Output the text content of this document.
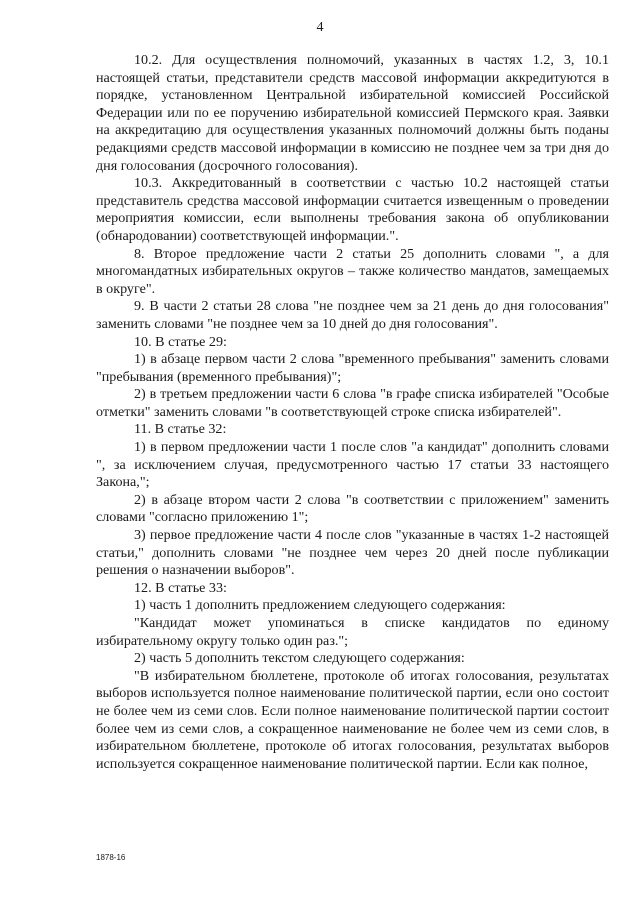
4

10.2. Для осуществления полномочий, указанных в частях 1.2, 3, 10.1 настоящей статьи, представители средств массовой информации аккредитуются в порядке, установленном Центральной избирательной комиссией Российской Федерации или по ее поручению избирательной комиссией Пермского края. Заявки на аккредитацию для осуществления указанных полномочий должны быть поданы редакциями средств массовой информации в комиссию не позднее чем за три дня до дня голосования (досрочного голосования).

10.3. Аккредитованный в соответствии с частью 10.2 настоящей статьи представитель средства массовой информации считается извещенным о проведении мероприятия комиссии, если выполнены требования закона об опубликовании (обнародовании) соответствующей информации.".

8. Второе предложение части 2 статьи 25 дополнить словами ", а для многомандатных избирательных округов – также количество мандатов, замещаемых в округе".

9. В части 2 статьи 28 слова "не позднее чем за 21 день до дня голосования" заменить словами "не позднее чем за 10 дней до дня голосования".

10. В статье 29:

1) в абзаце первом части 2 слова "временного пребывания" заменить словами "пребывания (временного пребывания)";

2) в третьем предложении части 6 слова "в графе списка избирателей "Особые отметки" заменить словами "в соответствующей строке списка избирателей".

11. В статье 32:

1) в первом предложении части 1 после слов "а кандидат" дополнить словами ", за исключением случая, предусмотренного частью 17 статьи 33 настоящего Закона,";

2) в абзаце втором части 2 слова "в соответствии с приложением" заменить словами "согласно приложению 1";

3) первое предложение части 4 после слов "указанные в частях 1-2 настоящей статьи," дополнить словами "не позднее чем через 20 дней после публикации решения о назначении выборов".

12. В статье 33:

1) часть 1 дополнить предложением следующего содержания:

"Кандидат может упоминаться в списке кандидатов по единому избирательному округу только один раз.";

2) часть 5 дополнить текстом следующего содержания:

"В избирательном бюллетене, протоколе об итогах голосования, результатах выборов используется полное наименование политической партии, если оно состоит не более чем из семи слов. Если полное наименование политической партии состоит более чем из семи слов, а сокращенное наименование не более чем из семи слов, в избирательном бюллетене, протоколе об итогах голосования, результатах выборов используется сокращенное наименование политической партии. Если как полное,

1878-16
